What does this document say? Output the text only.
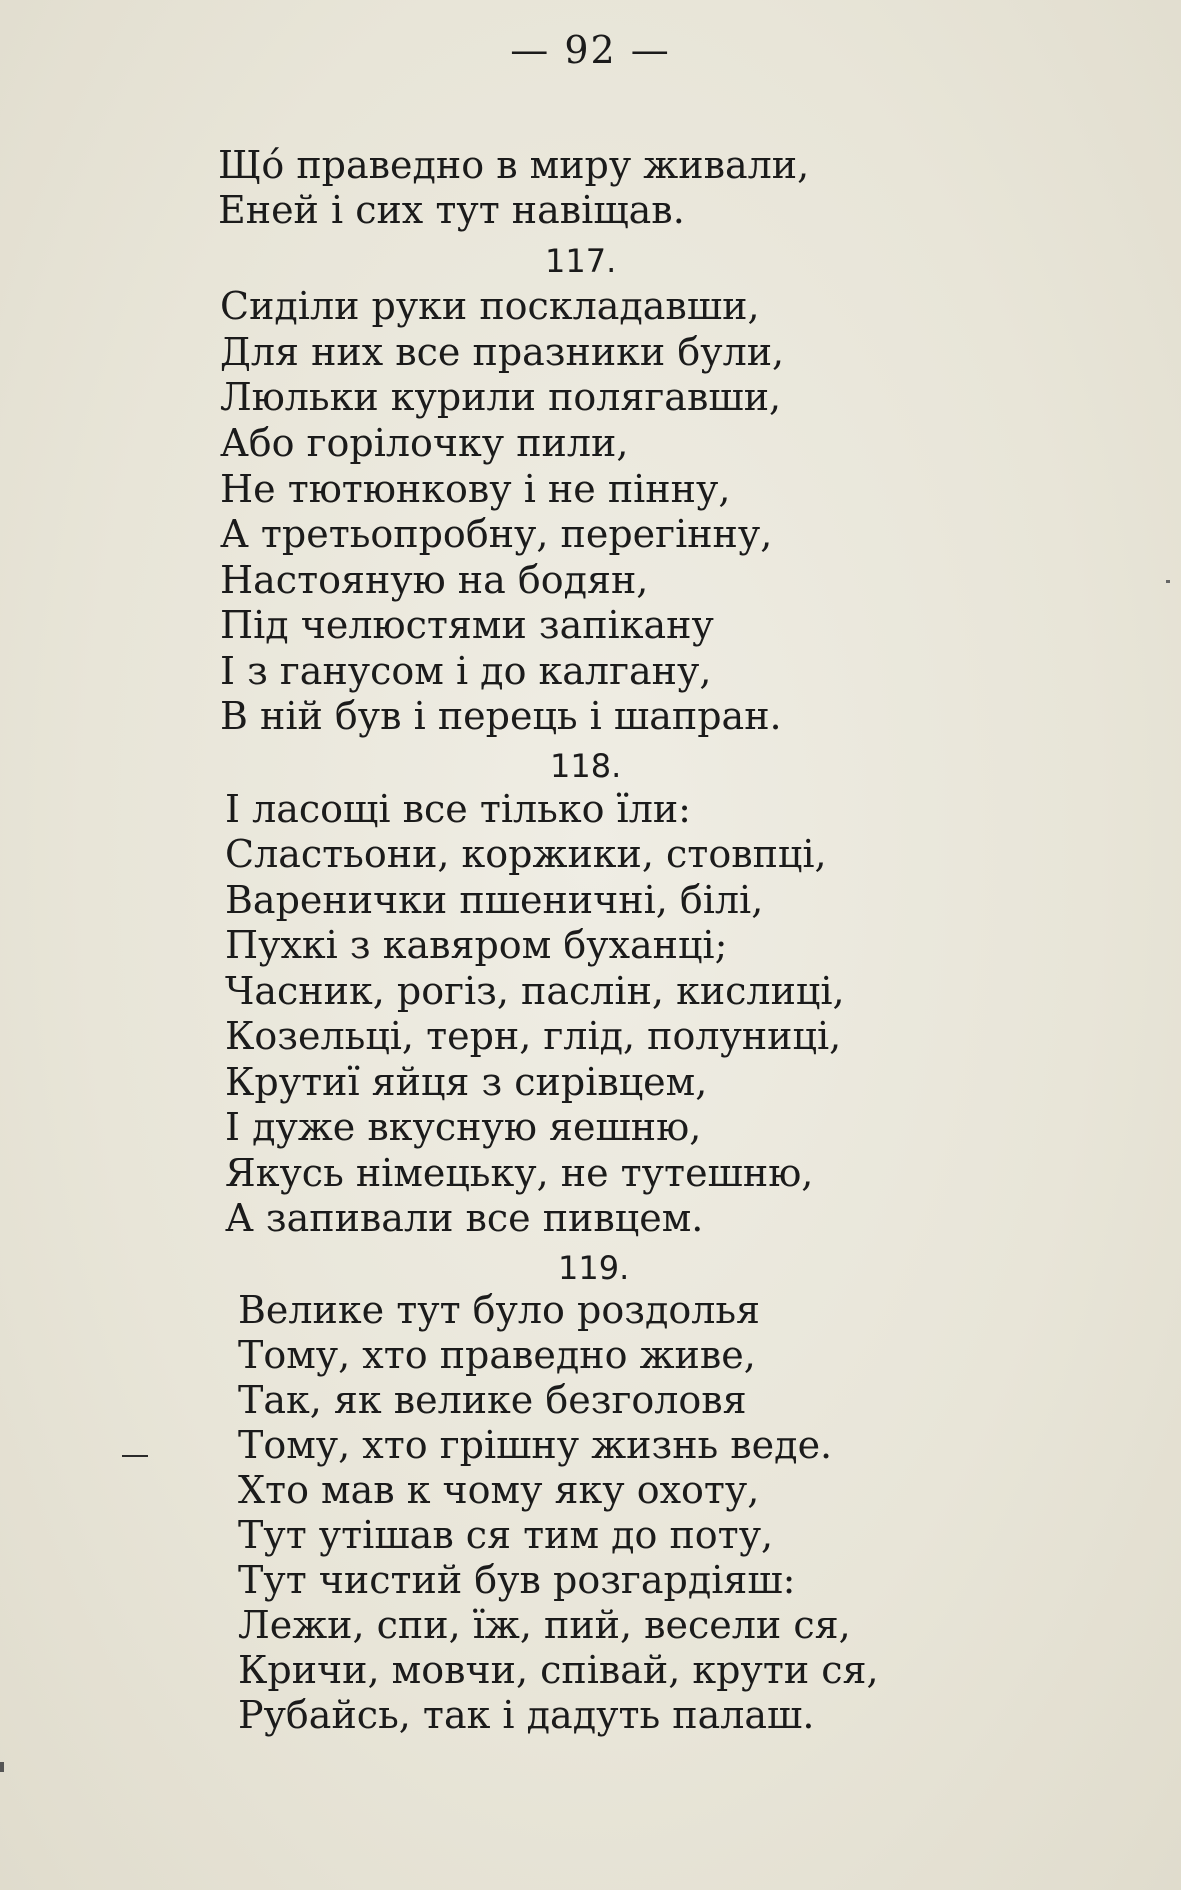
— 92 —
Щó праведно в миру живали,
Еней і сих тут навіщав.
117.
Сиділи руки поскладавши,
Для них все празники були,
Люльки курили полягавши,
Або горілочку пили,
Не тютюнкову і не пінну,
А третьопробну, перегінну,
Настояную на бодян,
Під челюстями запікану
І з ганусом і до калгану,
В ній був і перець і шапран.
118.
І ласощі все тілько їли:
Сластьони, коржики, стовпці,
Варенички пшеничні, білі,
Пухкі з кавяром буханці;
Часник, рогіз, паслін, кислиці,
Козельці, терн, глід, полуниці,
Крутиї яйця з сирівцем,
І дуже вкусную яешню,
Якусь німецьку, не тутешню,
А запивали все пивцем.
119.
Велике тут було роздолья
Тому, хто праведно живе,
Так, як велике безголовя
Тому, хто грішну жизнь веде.
Хто мав к чому яку охоту,
Тут утішав ся тим до поту,
Тут чистий був розгардіяш:
Лежи, спи, їж, пий, весели ся,
Кричи, мовчи, співай, крути ся,
Рубайсь, так і дадуть палаш.
